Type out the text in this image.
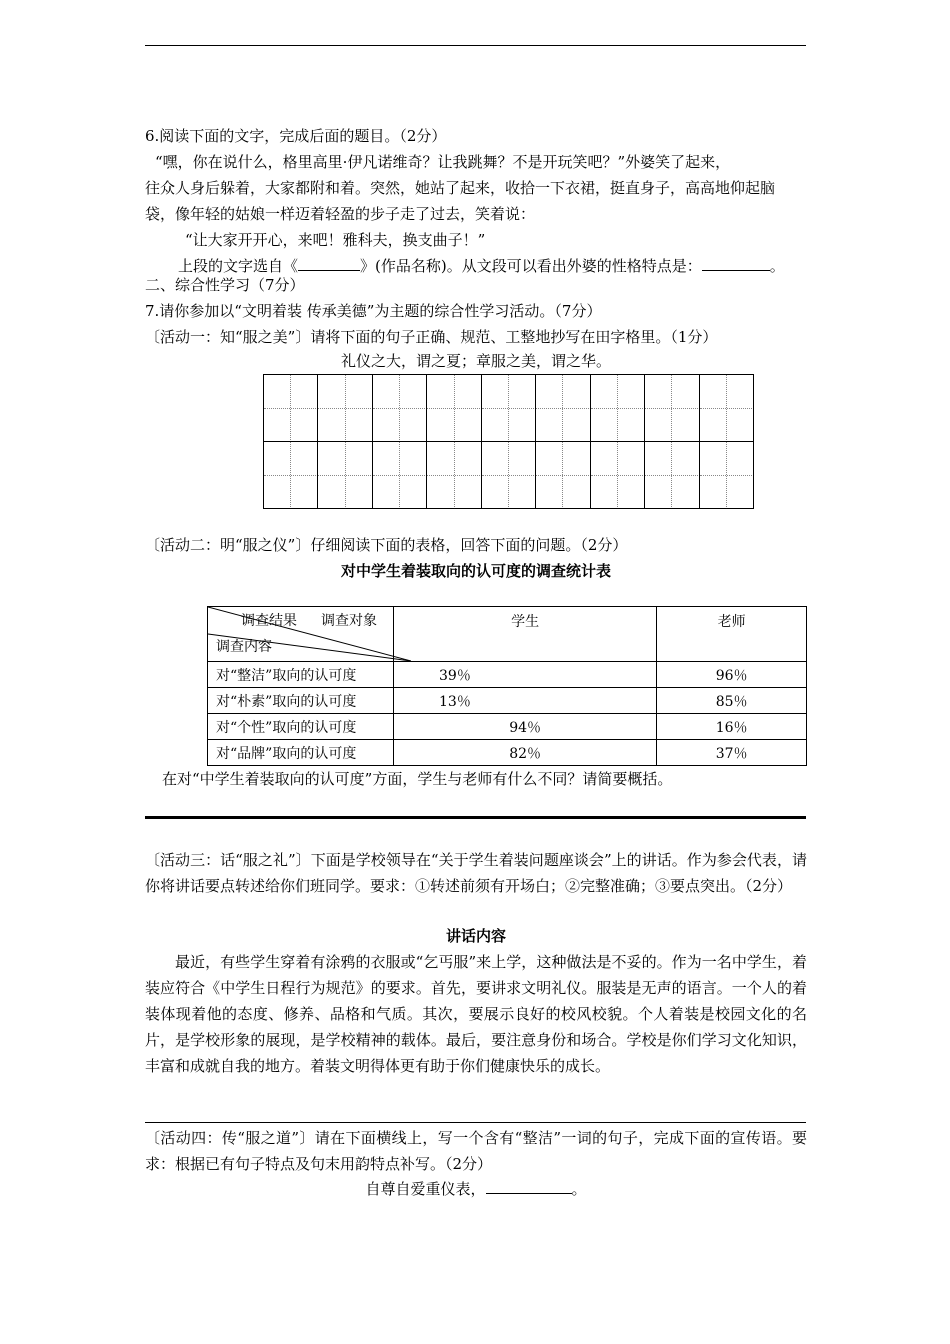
6.阅读下面的文字，完成后面的题目。（2分）
“嘿，你在说什么，格里高里·伊凡诺维奇？让我跳舞？不是开玩笑吧？”外婆笑了起来，
往众人身后躲着，大家都附和着。突然，她站了起来，收拾一下衣裙，挺直身子，高高地仰起脑
袋，像年轻的姑娘一样迈着轻盈的步子走了过去，笑着说：
“让大家开开心，来吧！雅科夫，换支曲子！”
上段的文字选自《	》(作品名称)。从文段可以看出外婆的性格特点是：	。
二、综合性学习（7分）
7.请你参加以“文明着装 传承美德”为主题的综合性学习活动。（7分）
〔活动一：知“服之美”〕请将下面的句子正确、规范、工整地抄写在田字格里。（1分）
礼仪之大，谓之夏；章服之美，谓之华。
〔活动二：明“服之仪”〕仔细阅读下面的表格，回答下面的问题。（2分）
对中学生着装取向的认可度的调查统计表
调查结果 调查对象
调查内容	学生	老师
对“整洁”取向的认可度	39％	96％
对“朴素”取向的认可度	13％	85％
对“个性”取向的认可度	94％	16％
对“品牌”取向的认可度	82％	37％
在对“中学生着装取向的认可度”方面，学生与老师有什么不同？请简要概括。
〔活动三：话“服之礼”〕下面是学校领导在“关于学生着装问题座谈会”上的讲话。作为参会代表，请你将讲话要点转述给你们班同学。要求：①转述前须有开场白；②完整准确；③要点突出。（2分）
讲话内容
最近，有些学生穿着有涂鸦的衣服或“乞丐服”来上学，这种做法是不妥的。作为一名中学生，着装应符合《中学生日程行为规范》的要求。首先，要讲求文明礼仪。服装是无声的语言。一个人的着装体现着他的态度、修养、品格和气质。其次，要展示良好的校风校貌。个人着装是校园文化的名片，是学校形象的展现，是学校精神的载体。最后，要注意身份和场合。学校是你们学习文化知识，丰富和成就自我的地方。着装文明得体更有助于你们健康快乐的成长。
〔活动四：传“服之道”〕请在下面横线上，写一个含有“整洁”一词的句子，完成下面的宣传语。要求：根据已有句子特点及句末用韵特点补写。（2分）
自尊自爱重仪表，	。
